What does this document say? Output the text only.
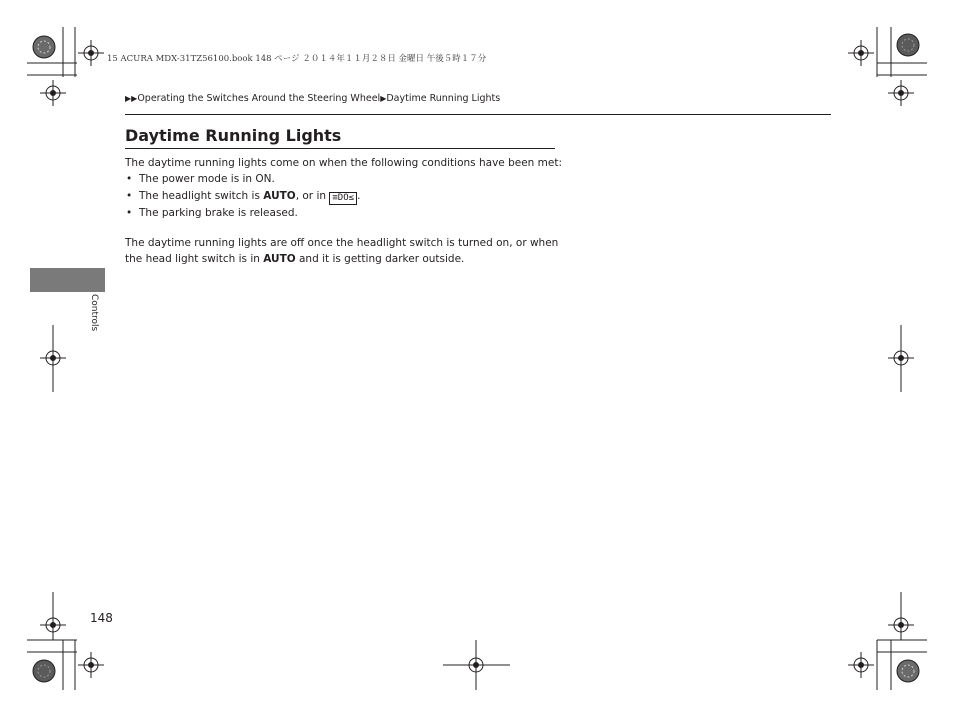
15 ACURA MDX-31TZ56100.book 148 ページ ２０１４年１１月２８日 金曜日 午後５時１７分
▶▶Operating the Switches Around the Steering Wheel▶Daytime Running Lights
Daytime Running Lights

The daytime running lights come on when the following conditions have been met:

• The power mode is in ON.
• The headlight switch is AUTO, or in ≡DO≤ .
• The parking brake is released.

The daytime running lights are off once the headlight switch is turned on, or when the head light switch is in AUTO and it is getting darker outside.

Controls
148
